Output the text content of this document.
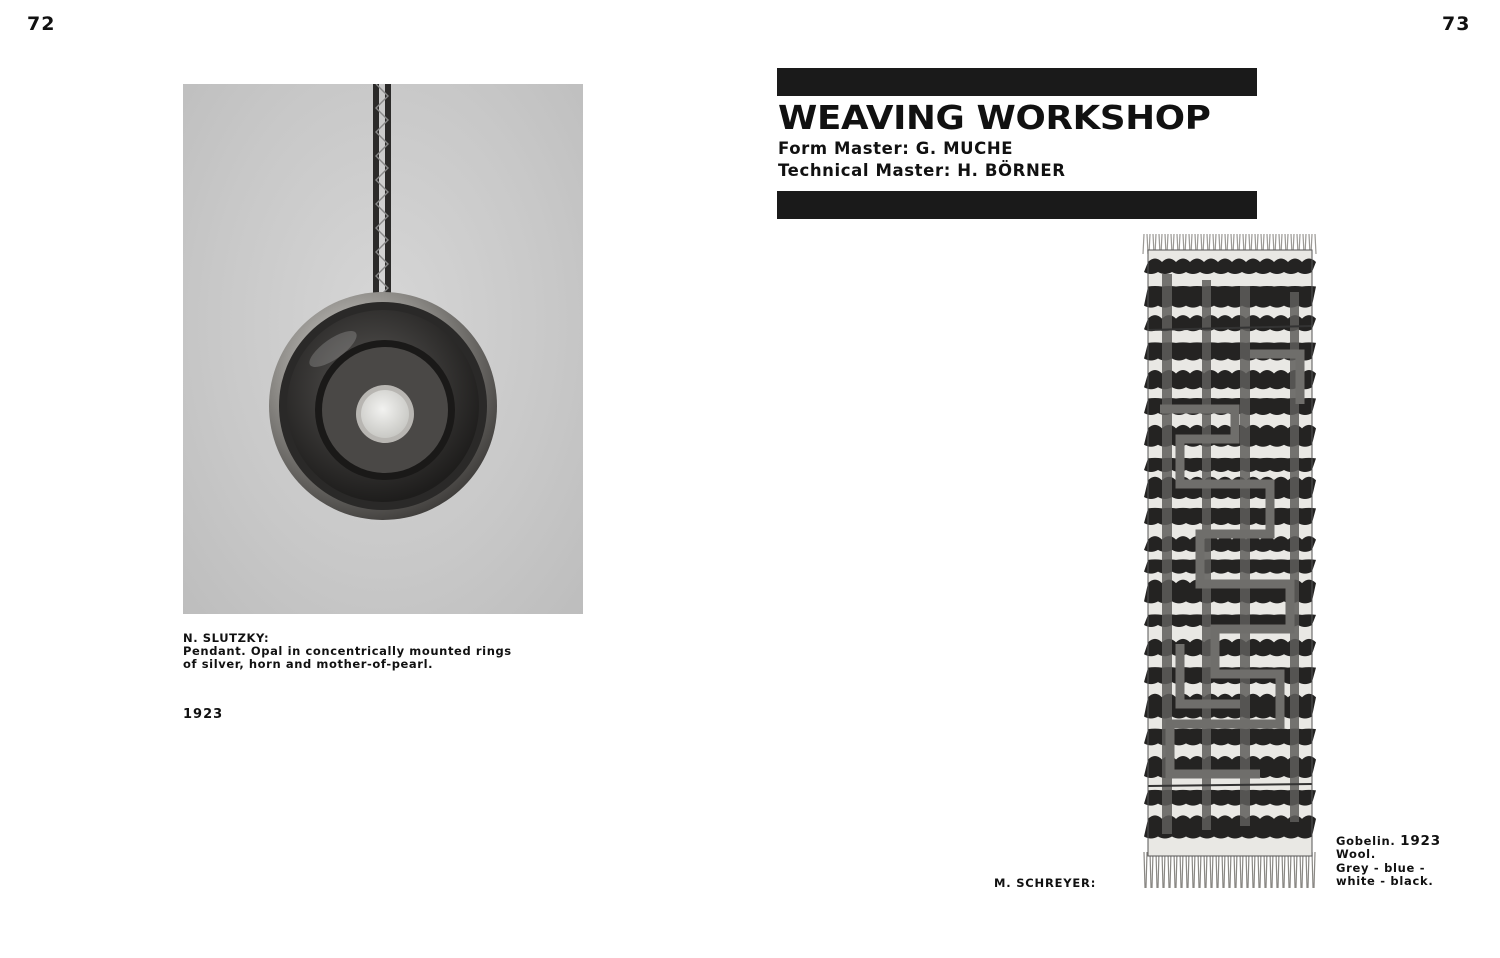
72	73
N. SLUTZKY:
Pendant. Opal in concentrically mounted rings
of silver, horn and mother-of-pearl.
1923
WEAVING WORKSHOP
Form Master: G. MUCHE
Technical Master: H. BÖRNER
M. SCHREYER:
Gobelin. 1923
Wool.
Grey - blue -
white - black.
